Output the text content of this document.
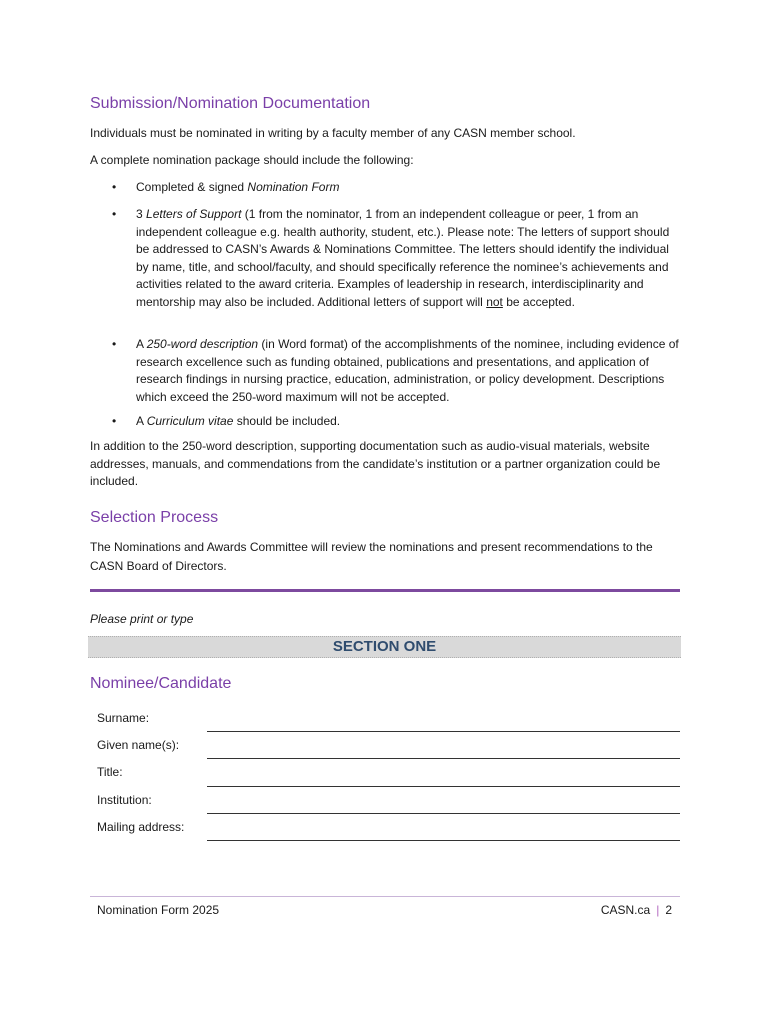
Submission/Nomination Documentation

Individuals must be nominated in writing by a faculty member of any CASN member school.

A complete nomination package should include the following:

• Completed & signed Nomination Form
• 3 Letters of Support (1 from the nominator, 1 from an independent colleague or peer, 1 from an independent colleague e.g. health authority, student, etc.). Please note: The letters of support should be addressed to CASN’s Awards & Nominations Committee. The letters should identify the individual by name, title, and school/faculty, and should specifically reference the nominee’s achievements and activities related to the award criteria. Examples of leadership in research, interdisciplinarity and mentorship may also be included. Additional letters of support will not be accepted.
• A 250-word description (in Word format) of the accomplishments of the nominee, including evidence of research excellence such as funding obtained, publications and presentations, and application of research findings in nursing practice, education, administration, or policy development. Descriptions which exceed the 250-word maximum will not be accepted.
• A Curriculum vitae should be included.

In addition to the 250-word description, supporting documentation such as audio-visual materials, website addresses, manuals, and commendations from the candidate’s institution or a partner organization could be included.

Selection Process

The Nominations and Awards Committee will review the nominations and present recommendations to the CASN Board of Directors.

Please print or type

SECTION ONE
Nominee/Candidate
Surname:
Given name(s):
Title:
Institution:
Mailing address:
Nomination Form 2025	CASN.ca | 2
